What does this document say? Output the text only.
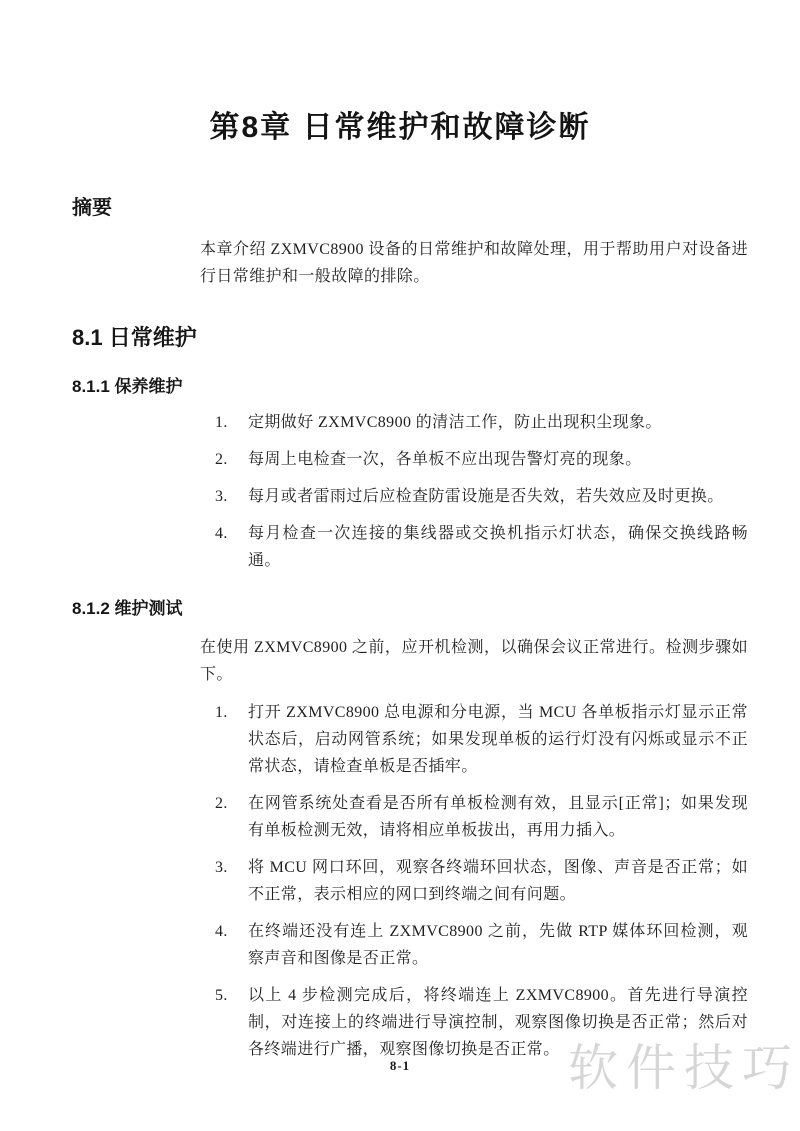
第8章 日常维护和故障诊断
摘要

本章介绍 ZXMVC8900 设备的日常维护和故障处理，用于帮助用户对设备进行日常维护和一般故障的排除。

8.1 日常维护
8.1.1 保养维护
1.	定期做好 ZXMVC8900 的清洁工作，防止出现积尘现象。
2.	每周上电检查一次，各单板不应出现告警灯亮的现象。
3.	每月或者雷雨过后应检查防雷设施是否失效，若失效应及时更换。
4.	每月检查一次连接的集线器或交换机指示灯状态，确保交换线路畅通。
8.1.2 维护测试

在使用 ZXMVC8900 之前，应开机检测，以确保会议正常进行。检测步骤如下。

1.	打开 ZXMVC8900 总电源和分电源，当 MCU 各单板指示灯显示正常状态后，启动网管系统；如果发现单板的运行灯没有闪烁或显示不正常状态，请检查单板是否插牢。
2.	在网管系统处查看是否所有单板检测有效，且显示[正常]；如果发现有单板检测无效，请将相应单板拔出，再用力插入。
3.	将 MCU 网口环回，观察各终端环回状态，图像、声音是否正常；如不正常，表示相应的网口到终端之间有问题。
4.	在终端还没有连上 ZXMVC8900 之前，先做 RTP 媒体环回检测，观察声音和图像是否正常。
5.	以上 4 步检测完成后，将终端连上 ZXMVC8900。首先进行导演控制，对连接上的终端进行导演控制，观察图像切换是否正常；然后对各终端进行广播，观察图像切换是否正常。
8-1	软件技巧
